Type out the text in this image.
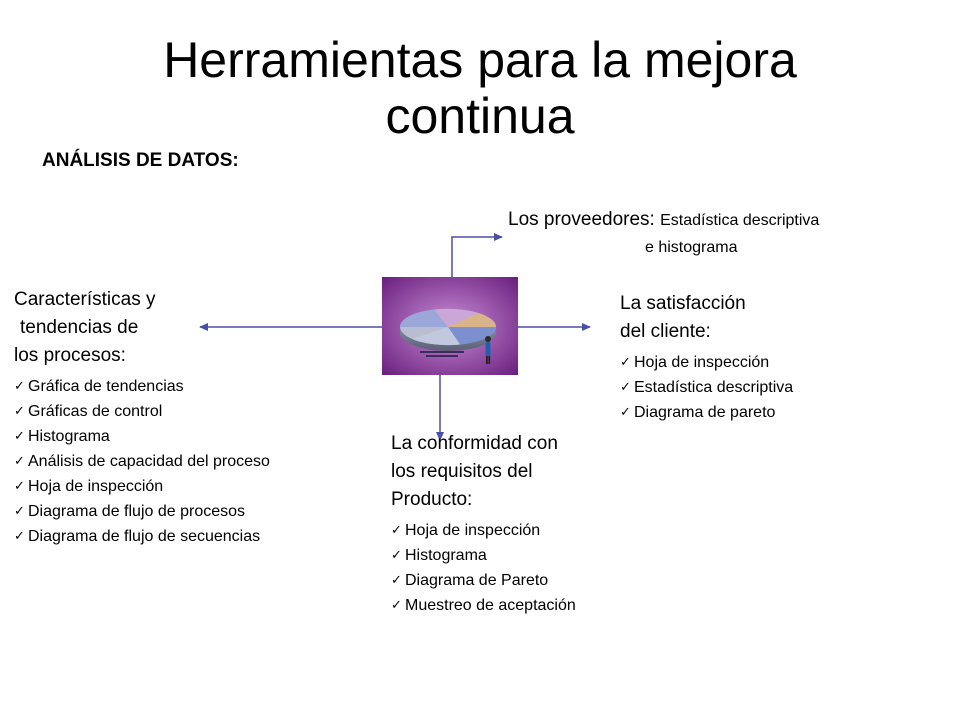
Herramientas para la mejora
continua
ANÁLISIS DE DATOS:
Los proveedores: Estadística descriptiva
e histograma
Características y
tendencias de
los procesos:
✓ Gráfica de tendencias
✓ Gráficas de control
✓ Histograma
✓ Análisis de capacidad del proceso
✓ Hoja de inspección
✓ Diagrama de flujo de procesos
✓ Diagrama de flujo de secuencias
La satisfacción
del cliente:
✓ Hoja de inspección
✓ Estadística descriptiva
✓ Diagrama de pareto
La conformidad con
los requisitos del
Producto:
✓ Hoja de inspección
✓ Histograma
✓ Diagrama de Pareto
✓ Muestreo de aceptación
